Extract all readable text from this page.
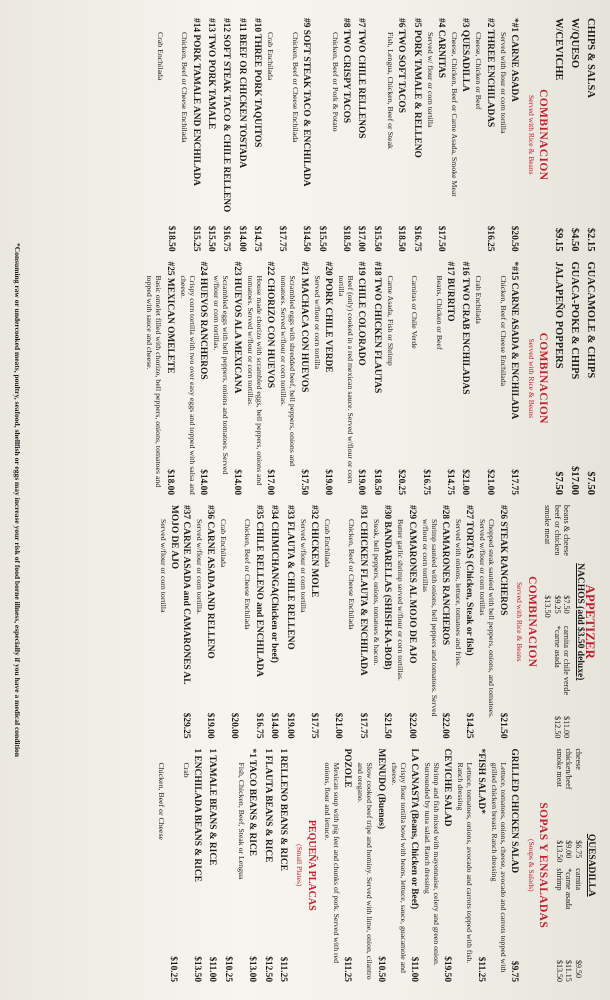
CHIPS & SALSA
$2.15
W/QUESO
$4.50
W/CEVICHE
$9.15
COMBINACION
Served with Rice & Beans
*#1 CARNE ASADA
$20.50
Served with flour or corn tortilla
#2 THREE ENCHILADAS
$16.25
Cheese, Chicken or Beef
#3 QUESADILLA
Cheese, Chicken, Beef or Carne Asada, Smoke Meat
#4 CARNITAS
$17.50
Served w/ flour or corn tortilla
#5 PORK TAMALE & RELLENO
$16.75
#6 TWO SOFT TACOS
$18.50
Fish, Lengua, Chicken, Beef or Steak
$15.50
#7 TWO CHILE RELLENOS
$17.00
#8 TWO CRISPY TACOS
$18.50
Chicken, Beef or Pork & Potato
$15.50
#9 SOFT STEAK TACO & ENCHILADA
$14.50
Chicken, Beef or Cheese Enchilada
$17.75
Crab Enchilada
#10 THREE PORK TAQUITOS
$14.75
#11 BEEF OR CHICKEN TOSTADA
$14.00
#12 SOFT STEAK TACO & CHILE RELLENO
$16.75
#13 TWO PORK TAMALE
$15.50
#14 PORK TAMALE AND ENCHILADA
$15.25
Chicken, Beef or Cheese Enchilada
$18.50
Crab Enchilada
GUACAMOLE & CHIPS
$7.50
GUACA-POKE & CHIPS
$17.00
JALAPEÑO POPPERS
$7.50
COMBINACION
Served with Rice & Beans
*#15 CARNE ASADA & ENCHILADA
$17.75
Chicken, Beef or Cheese Enchilada
$21.00
Crab Enchilada
#16 TWO CRAB ENCHILADAS
$21.00
#17 BURRITO
$14.75
Beans, Chicken or Beef
$16.75
Carnitas or Chile Verde
$20.25
Carne Asada, Fish or Shrimp
#18 TWO CHICKEN FLAUTAS
$18.50
#19 CHILE COLORADO
$19.00
Beef (only) cooked in a red mexican sauce. Served w/flour or corn tortilla
#20 PORK CHILE VERDE
$19.00
Served w/flour or corn tortilla
#21 MACHACA CON HUEVOS
$17.50
Scrambled eggs with shredded beef, bell peppers, onions and tomatoes. Served w/flour or corn tortillas.
#22 CHORIZO CON HUEVOS
$17.00
House made chorizo with scrambled eggs, bell peppers, onions and tomatoes. Served w/flour or corn tortillas.
#23 HUEVOS ALA MEXICANA
$14.00
Scrambled eggs with bell peppers, onions and tomatoes. Served w/flour or corn tortillas.
#24 HUEVOS RANCHEROS
$14.00
Crispy corn tortilla with two over easy eggs and topped with salsa and cheese.
#25 MEXICAN OMELETE
$18.00
Basic omelet filled with chorizo, bell peppers, onions, tomatoes and topped with sauce and cheese.
APPETIZER
NACHOS (add $3.50 deluxe)
beans & cheese
$7.50
carnita or chile verde
$11.00
beef or chicken
$9.25
*carne asada
$12.50
smoke meat
$13.50
COMBINACION
Served with Rice & Beans
#26 STEAK RANCHEROS
$21.50
Chopped steak sautéed with bell peppers, onions, and tomatoes. Served w/flour or corn tortillas
#27 TORTAS (Chicken, Steak or fish)
$14.25
Served with onions, lettuce, tomatoes and fries.
#28 CAMARONES RANCHEROS
$22.00
Shrimp sautéed with onions, bell peppers and tomatoes. Served w/flour or corn tortillas
#29 CAMARONES AL MOJO DE AJO
$22.00
Butter garlic shrimp served w/flour or corn tortillas.
#30 BANDARELLAS (SHISH-KA-BOB)
$21.50
Steak, bell peppers, onions, tomatoes & bacon.
#31 CHICKEN FLAUTA & ENCHILADA
$17.75
Chicken, Beef or Cheese Enchilada
$21.00
Crab Enchilada
#32 CHICKEN MOLE
$17.75
Served w/flour or corn tortilla
#33 FLAUTA & CHILE RELLENO
$19.00
#34 CHIMICHANGA(Chicken or beef)
$14.00
#35 CHILE RELLENO and ENCHILADA
$16.75
Chicken, Beef or Cheese Enchilada
$20.00
Crab Enchilada
#36 CARNE ASADA AND RELLENO
$19.00
Served w/flour or corn tortilla.
#37 CARNE ASADA and CAMARONES AL MOJO DE AJO
$29.25
Served w/flour or corn tortilla
QUESADILLA
cheese
$6.75
carnita
$9.50
chicken/beef
$9.00
*carne asada
$11.15
smoke meat
$13.50
shrimp
$13.50
SOPAS Y ENSALADAS
(Soups & Salads)
GRILLED CHICKEN SALAD
$9.75
Lettuce, tomatoes, onions, cheese, avocado and carrots topped with grilled chicken breast. Ranch dressing
*FISH SALAD*
$11.25
Lettuce, tomatoes, onions, avocado and carrots topped with fish. Ranch dressing
CEVICHE SALAD
$19.50
Shrimp and fish mixed with mayonnaise, celery and green onion. Surrounded by tuna salad. Ranch dressing
LA CANASTA (Beans, Chicken or Beef)
$11.00
Crispy flour tortilla bowl with beans, lettuce, sauce, guacamole and cheese.
MENUDO (Buenos)
$10.50
Slow cooked beef tripe and hominy. Served with lime, onion, cilantro and oregano.
POZOLE
$11.25
Mexican soup with pig feet and chunks of pork. Served with red onions, flour and lettuce.
PEQUEÑA PLACAS
(Small Plates)
1 RELLENO BEANS & RICE
$11.25
1 FLAUTA BEANS & RICE
$12.50
*1 TACO BEANS & RICE
$13.00
Fish, Chicken, Beef, Steak or Lengua
$10.25
1 TAMALE BEANS & RICE
$11.00
1 ENCHILADA BEANS & RICE
$13.50
Crab
$10.25
Chicken, Beef or Cheese
*Consuming raw or undercooked meats, poultry, seafood, shellfish or eggs may increase your risk of food borne illness, especially if you have a medical condition
